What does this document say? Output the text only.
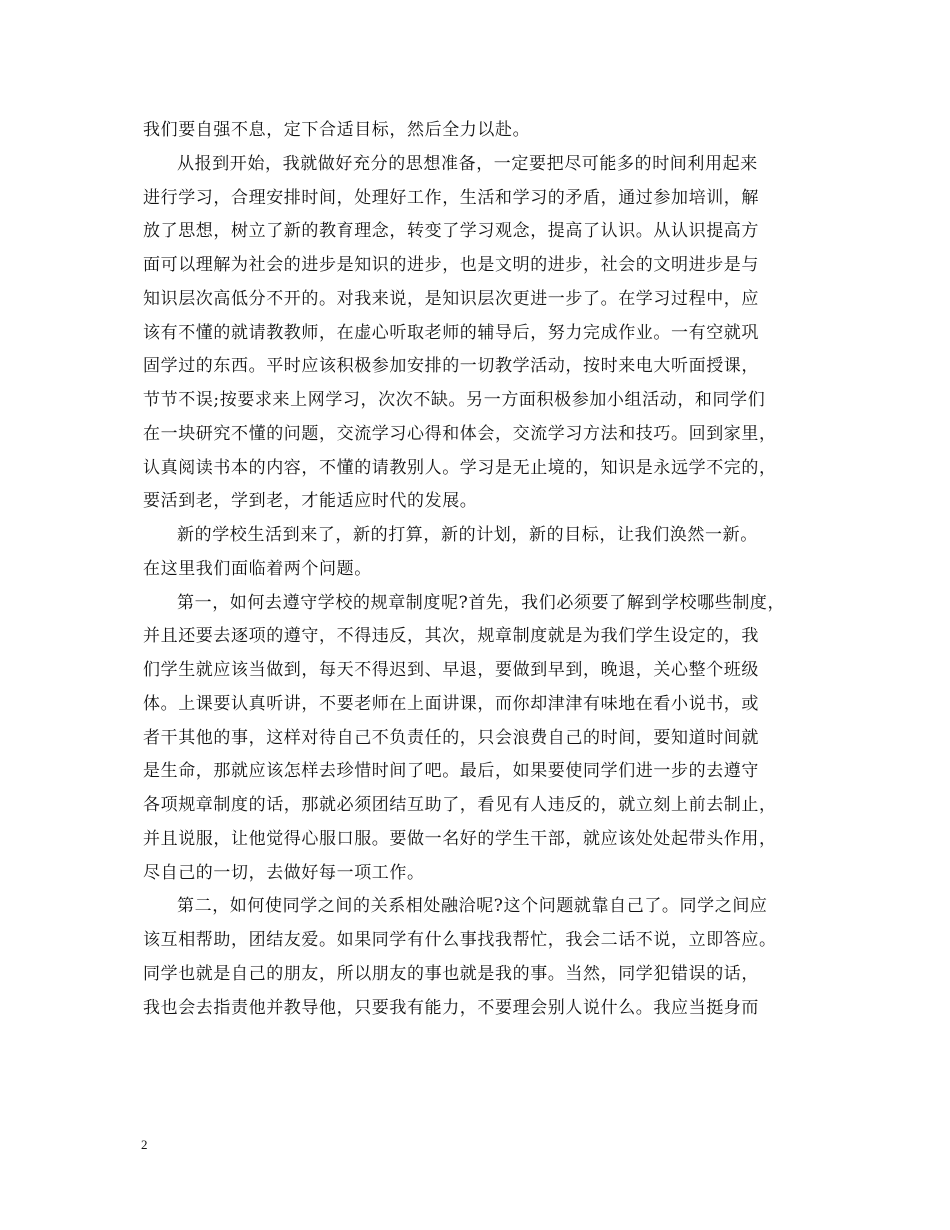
我们要自强不息，定下合适目标，然后全力以赴。
从报到开始，我就做好充分的思想准备，一定要把尽可能多的时间利用起来
进行学习，合理安排时间，处理好工作，生活和学习的矛盾，通过参加培训，解
放了思想，树立了新的教育理念，转变了学习观念，提高了认识。从认识提高方
面可以理解为社会的进步是知识的进步，也是文明的进步，社会的文明进步是与
知识层次高低分不开的。对我来说，是知识层次更进一步了。在学习过程中，应
该有不懂的就请教教师，在虚心听取老师的辅导后，努力完成作业。一有空就巩
固学过的东西。平时应该积极参加安排的一切教学活动，按时来电大听面授课，
节节不误;按要求来上网学习，次次不缺。另一方面积极参加小组活动，和同学们
在一块研究不懂的问题，交流学习心得和体会，交流学习方法和技巧。回到家里，
认真阅读书本的内容，不懂的请教别人。学习是无止境的，知识是永远学不完的，
要活到老，学到老，才能适应时代的发展。
新的学校生活到来了，新的打算，新的计划，新的目标，让我们涣然一新。
在这里我们面临着两个问题。
第一，如何去遵守学校的规章制度呢?首先，我们必须要了解到学校哪些制度，
并且还要去逐项的遵守，不得违反，其次，规章制度就是为我们学生设定的，我
们学生就应该当做到，每天不得迟到、早退，要做到早到，晚退，关心整个班级
体。上课要认真听讲，不要老师在上面讲课，而你却津津有味地在看小说书，或
者干其他的事，这样对待自己不负责任的，只会浪费自己的时间，要知道时间就
是生命，那就应该怎样去珍惜时间了吧。最后，如果要使同学们进一步的去遵守
各项规章制度的话，那就必须团结互助了，看见有人违反的，就立刻上前去制止，
并且说服，让他觉得心服口服。要做一名好的学生干部，就应该处处起带头作用，
尽自己的一切，去做好每一项工作。
第二，如何使同学之间的关系相处融洽呢?这个问题就靠自己了。同学之间应
该互相帮助，团结友爱。如果同学有什么事找我帮忙，我会二话不说，立即答应。
同学也就是自己的朋友，所以朋友的事也就是我的事。当然，同学犯错误的话，
我也会去指责他并教导他，只要我有能力，不要理会别人说什么。我应当挺身而
2
